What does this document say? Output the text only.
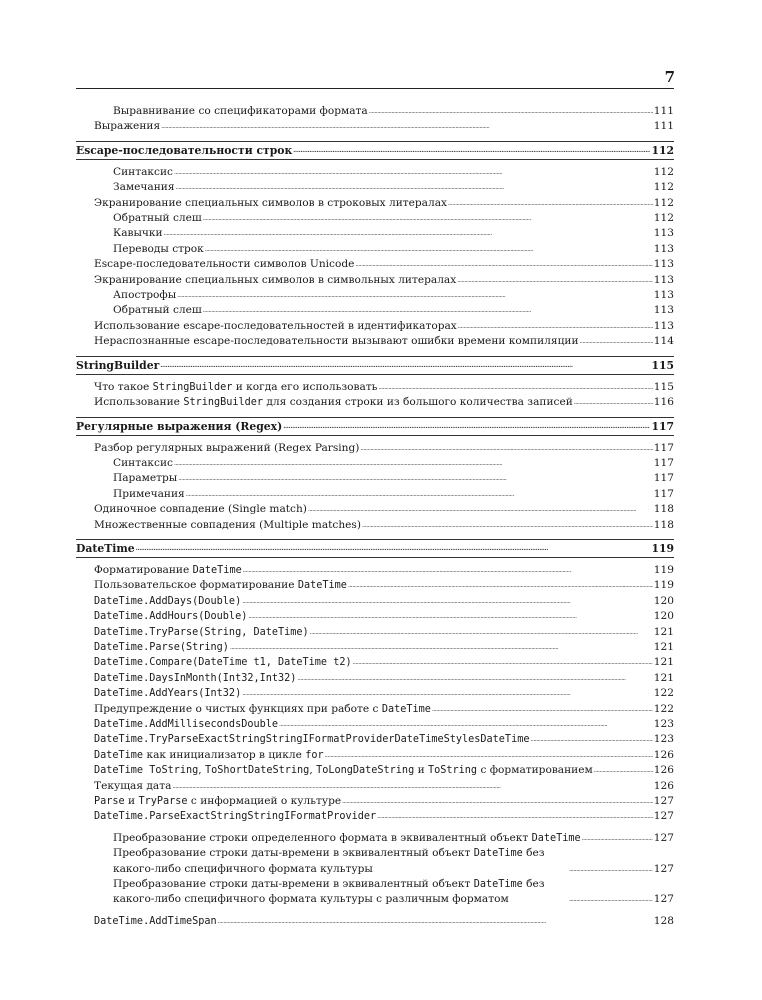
7
Выравнивание со спецификаторами формата . . .	111
Выражения . . .	111
Escape-последовательности строк . . .	112
Синтаксис . . .	112
Замечания . . .	112
Экранирование специальных символов в строковых литералах . . .	112
Обратный слеш . . .	112
Кавычки . . .	113
Переводы строк . . .	113
Escape-последовательности символов Unicode . . .	113
Экранирование специальных символов в символьных литералах . . .	113
Апострофы . . .	113
Обратный слеш . . .	113
Использование escape-последовательностей в идентификаторах . . .	113
Нераспознанные escape-последовательности вызывают ошибки времени компиляции . . .	114
StringBuilder . . .	115
Что такое StringBuilder и когда его использовать . . .	115
Использование StringBuilder для создания строки из большого количества записей . . .	116
Регулярные выражения (Regex) . . .	117
Разбор регулярных выражений (Regex Parsing) . . .	117
Синтаксис . . .	117
Параметры . . .	117
Примечания . . .	117
Одиночное совпадение (Single match) . . .	118
Множественные совпадения (Multiple matches) . . .	118
DateTime . . .	119
Форматирование DateTime . . .	119
Пользовательское форматирование DateTime . . .	119
DateTime.AddDays(Double) . . .	120
DateTime.AddHours(Double) . . .	120
DateTime.TryParse(String, DateTime) . . .	121
DateTime.Parse(String) . . .	121
DateTime.Compare(DateTime t1, DateTime t2) . . .	121
DateTime.DaysInMonth(Int32,Int32) . . .	121
DateTime.AddYears(Int32) . . .	122
Предупреждение о чистых функциях при работе с DateTime . . .	122
DateTime.AddMillisecondsDouble . . .	123
DateTime.TryParseExactStringStringIFormatProviderDateTimeStylesDateTime . . .	123
DateTime как инициализатор в цикле for . . .	126
DateTime ToString, ToShortDateString, ToLongDateString и ToString с форматированием . . .	126
Текущая дата . . .	126
Parse и TryParse с информацией о культуре . . .	127
DateTime.ParseExactStringStringIFormatProvider . . .	127
Преобразование строки определенного формата в эквивалентный объект DateTime . . .	127
Преобразование строки даты-времени в эквивалентный объект DateTime без какого-либо специфичного формата культуры . . .	127
Преобразование строки даты-времени в эквивалентный объект DateTime без какого-либо специфичного формата культуры с различным форматом . . .	127
DateTime.AddTimeSpan . . .	128
